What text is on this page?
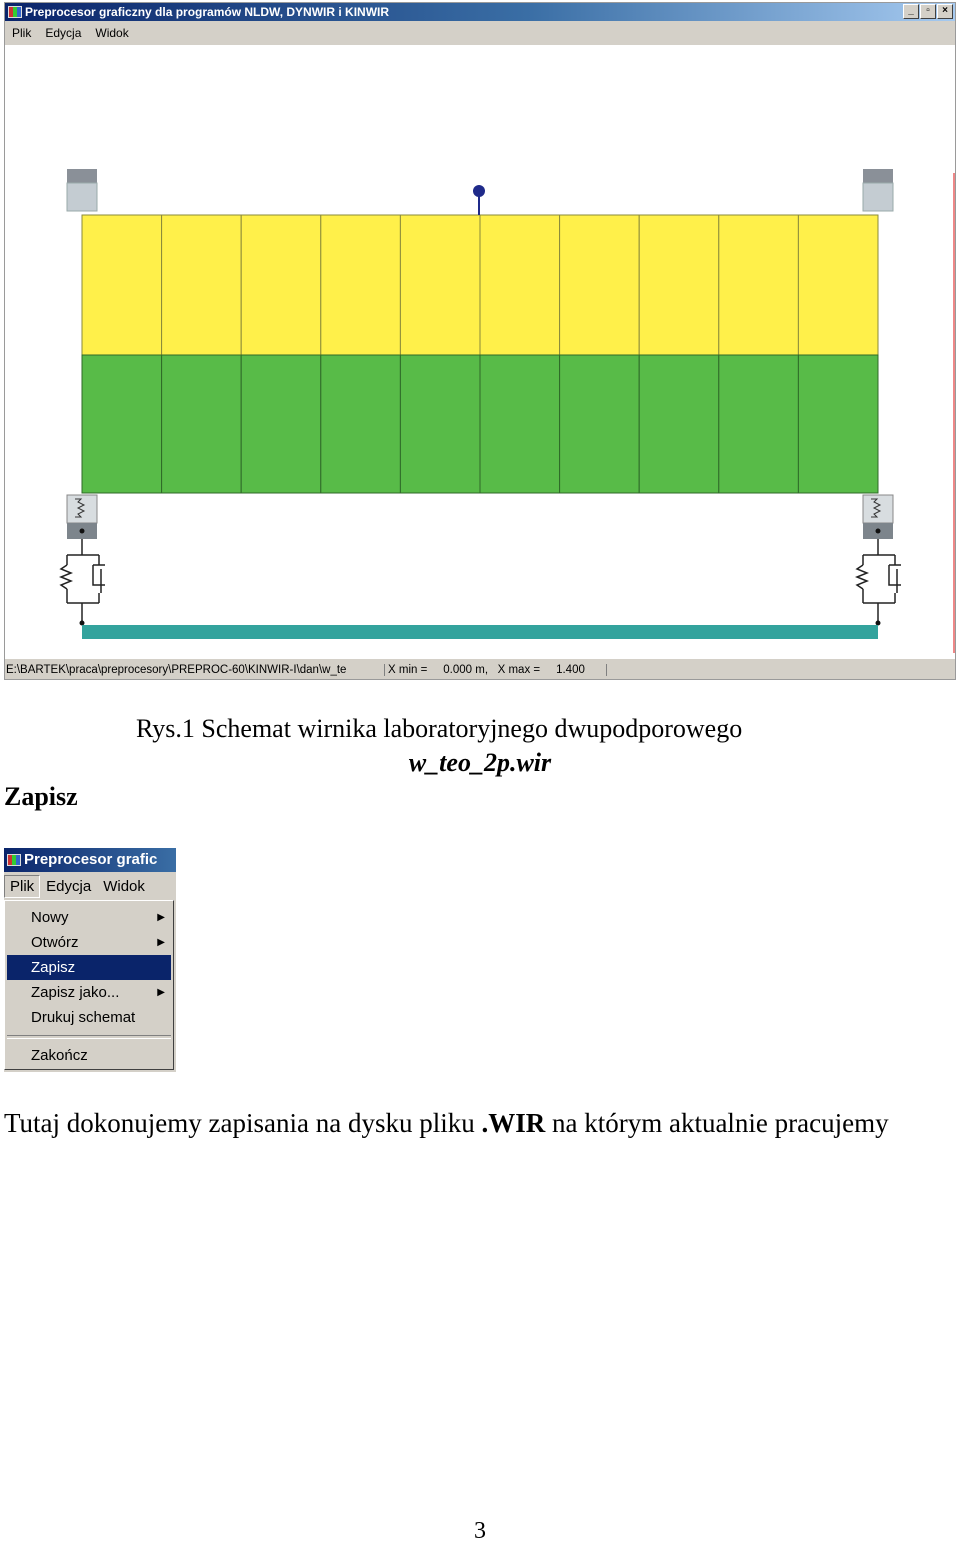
Preprocesor graficzny dla programów NLDW, DYNWIR i KINWIR	_	▫	×
Plik	Edycja	Widok
E:\BARTEK\praca\preprocesory\PREPROC-60\KINWIR-I\dan\w_te	X min =     0.000 m,   X max =     1.400
Rys.1 Schemat wirnika laboratoryjnego dwupodporowego
w_teo_2p.wir
Zapisz
Preprocesor grafic
Plik Edycja Widok
Nowy	▶
Otwórz	▶
Zapisz
Zapisz jako...	▶
Drukuj schemat
Zakończ
Tutaj dokonujemy zapisania na dysku pliku .WIR na którym aktualnie pracujemy
3
